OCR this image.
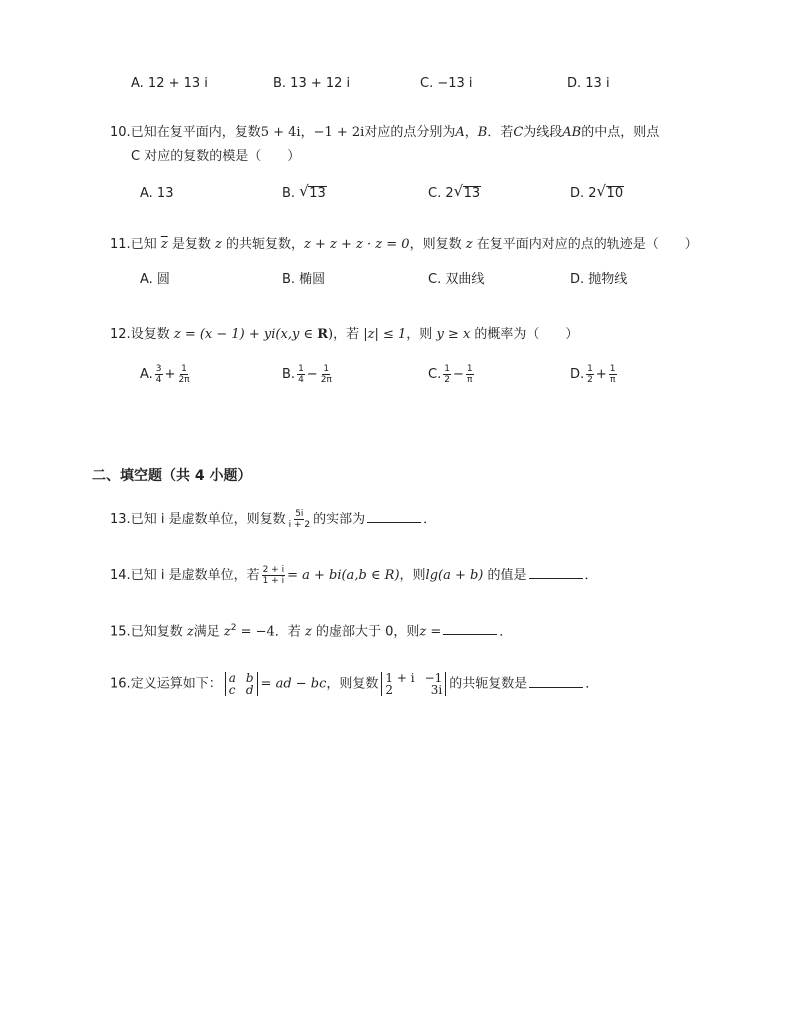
A. 12 + 13 i	B. 13 + 12 i	C. −13 i	D. 13 i
10.已知在复平面内，复数5 + 4i，−1 + 2i对应的点分别为A，B．若C为线段AB的中点，则点
C 对应的复数的模是（　　）
A. 13	B. √ 13	C. 2 √ 13	D. 2 √ 10
11.已知 $\overline{z}$ 是复数 z 的共轭复数，z + z + z · z = 0，则复数 z 在复平面内对应的点的轨迹是（　　）
A. 圆	B. 椭圆	C. 双曲线	D. 抛物线
12.设复数 z = (x − 1) + yi(x,y ∈ R)，若 |z| ≤ 1，则 y ≥ x 的概率为（　　）
A. $\frac{3}{4} + \frac{1}{2\pi}$	B. $\frac{1}{4} - \frac{1}{2\pi}$	C. $\frac{1}{2} - \frac{1}{\pi}$	D. $\frac{1}{2} + \frac{1}{\pi}$
二、填空题（共 4 小题）
13.已知 i 是虚数单位，则复数 $\frac{5i}{i + 2}$ 的实部为	．
14.已知 i 是虚数单位，若 $\frac{2 + i}{1 + i} = a + bi(a,b$ ∈ R)，则lg(a + b) 的值是	．
15.已知复数 z满足 $z^2 = -4$．若 z 的虚部大于 0，则z =	．
16.定义运算如下： a
c
b
d = ad − bc，则复数 1 + i
2
−1
3i 的共轭复数是	．
